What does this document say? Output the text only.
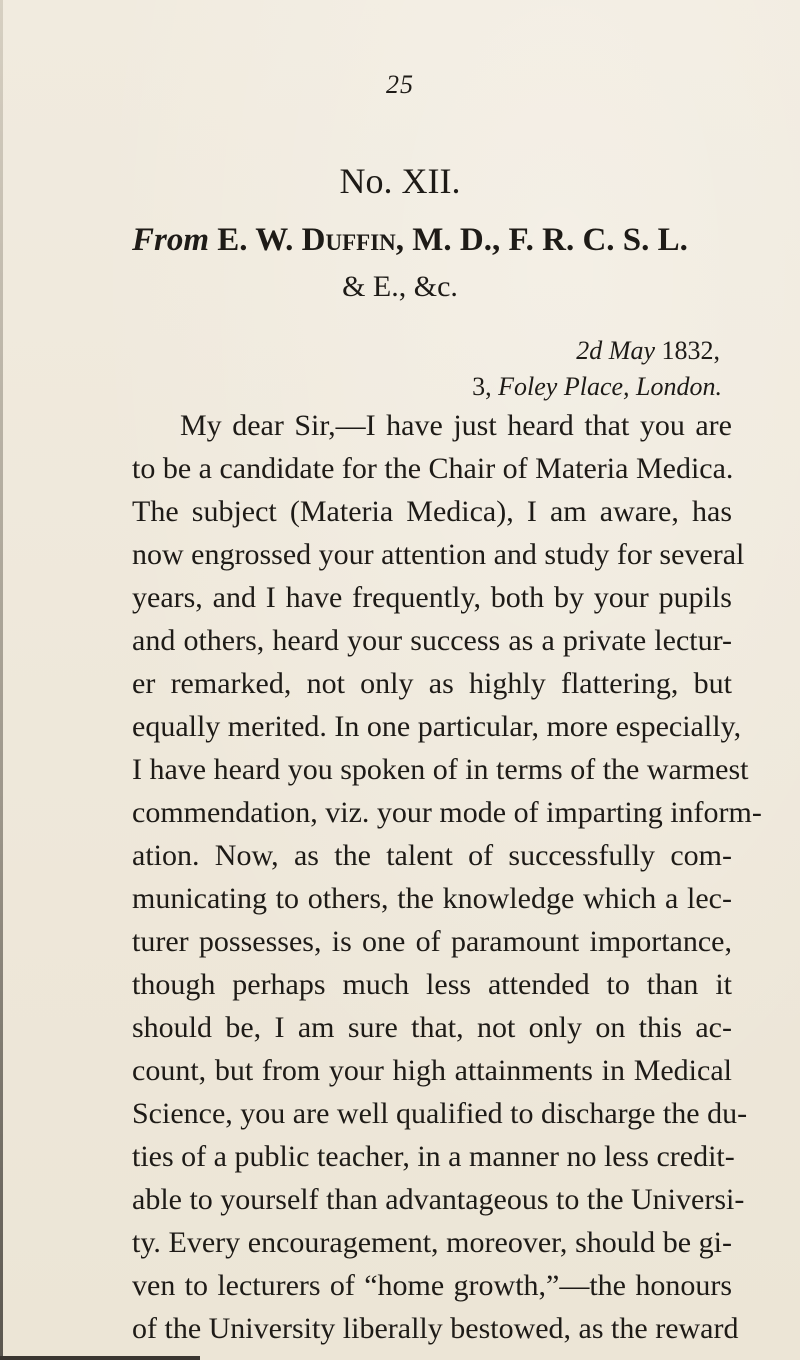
25
No. XII.
From E. W. Duffin, M. D., F. R. C. S. L.
& E., &c.
2d May 1832,
3, Foley Place, London.
My dear Sir,—I have just heard that you are
to be a candidate for the Chair of Materia Medica.
The subject (Materia Medica), I am aware, has
now engrossed your attention and study for several
years, and I have frequently, both by your pupils
and others, heard your success as a private lectur-
er remarked, not only as highly flattering, but
equally merited. In one particular, more especially,
I have heard you spoken of in terms of the warmest
commendation, viz. your mode of imparting inform-
ation. Now, as the talent of successfully com-
municating to others, the knowledge which a lec-
turer possesses, is one of paramount importance,
though perhaps much less attended to than it
should be, I am sure that, not only on this ac-
count, but from your high attainments in Medical
Science, you are well qualified to discharge the du-
ties of a public teacher, in a manner no less credit-
able to yourself than advantageous to the Universi-
ty. Every encouragement, moreover, should be gi-
ven to lecturers of “home growth,”—the honours
of the University liberally bestowed, as the reward
